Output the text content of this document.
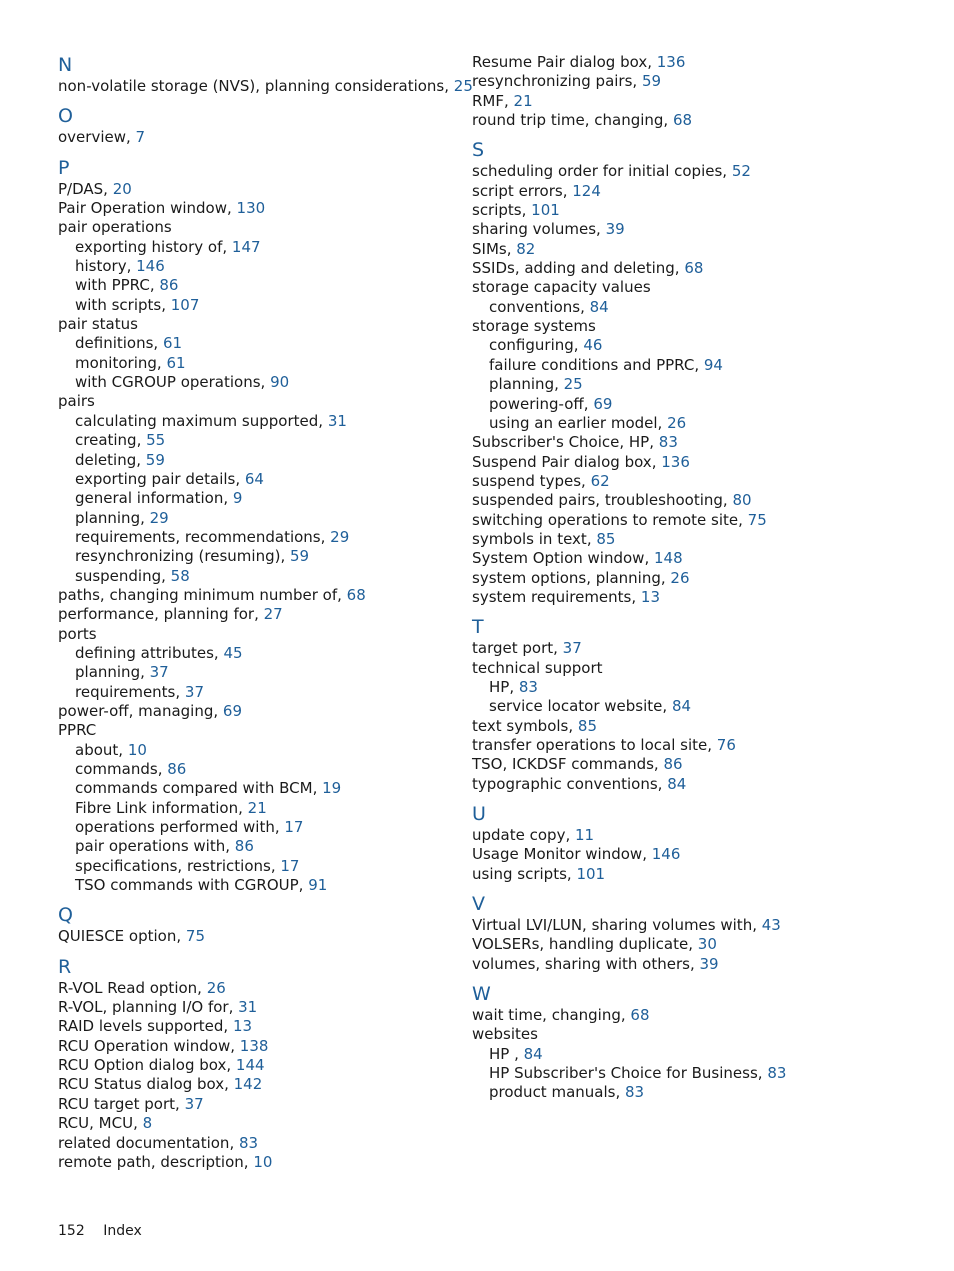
N
non-volatile storage (NVS), planning considerations, 25
O
overview, 7
P
P/DAS, 20
Pair Operation window, 130
pair operations
exporting history of, 147
history, 146
with PPRC, 86
with scripts, 107
pair status
definitions, 61
monitoring, 61
with CGROUP operations, 90
pairs
calculating maximum supported, 31
creating, 55
deleting, 59
exporting pair details, 64
general information, 9
planning, 29
requirements, recommendations, 29
resynchronizing (resuming), 59
suspending, 58
paths, changing minimum number of, 68
performance, planning for, 27
ports
defining attributes, 45
planning, 37
requirements, 37
power-off, managing, 69
PPRC
about, 10
commands, 86
commands compared with BCM, 19
Fibre Link information, 21
operations performed with, 17
pair operations with, 86
specifications, restrictions, 17
TSO commands with CGROUP, 91
Q
QUIESCE option, 75
R
R-VOL Read option, 26
R-VOL, planning I/O for, 31
RAID levels supported, 13
RCU Operation window, 138
RCU Option dialog box, 144
RCU Status dialog box, 142
RCU target port, 37
RCU, MCU, 8
related documentation, 83
remote path, description, 10
Resume Pair dialog box, 136
resynchronizing pairs, 59
RMF, 21
round trip time, changing, 68
S
scheduling order for initial copies, 52
script errors, 124
scripts, 101
sharing volumes, 39
SIMs, 82
SSIDs, adding and deleting, 68
storage capacity values
conventions, 84
storage systems
configuring, 46
failure conditions and PPRC, 94
planning, 25
powering-off, 69
using an earlier model, 26
Subscriber's Choice, HP, 83
Suspend Pair dialog box, 136
suspend types, 62
suspended pairs, troubleshooting, 80
switching operations to remote site, 75
symbols in text, 85
System Option window, 148
system options, planning, 26
system requirements, 13
T
target port, 37
technical support
HP, 83
service locator website, 84
text symbols, 85
transfer operations to local site, 76
TSO, ICKDSF commands, 86
typographic conventions, 84
U
update copy, 11
Usage Monitor window, 146
using scripts, 101
V
Virtual LVI/LUN, sharing volumes with, 43
VOLSERs, handling duplicate, 30
volumes, sharing with others, 39
W
wait time, changing, 68
websites
HP , 84
HP Subscriber's Choice for Business, 83
product manuals, 83
152 Index
